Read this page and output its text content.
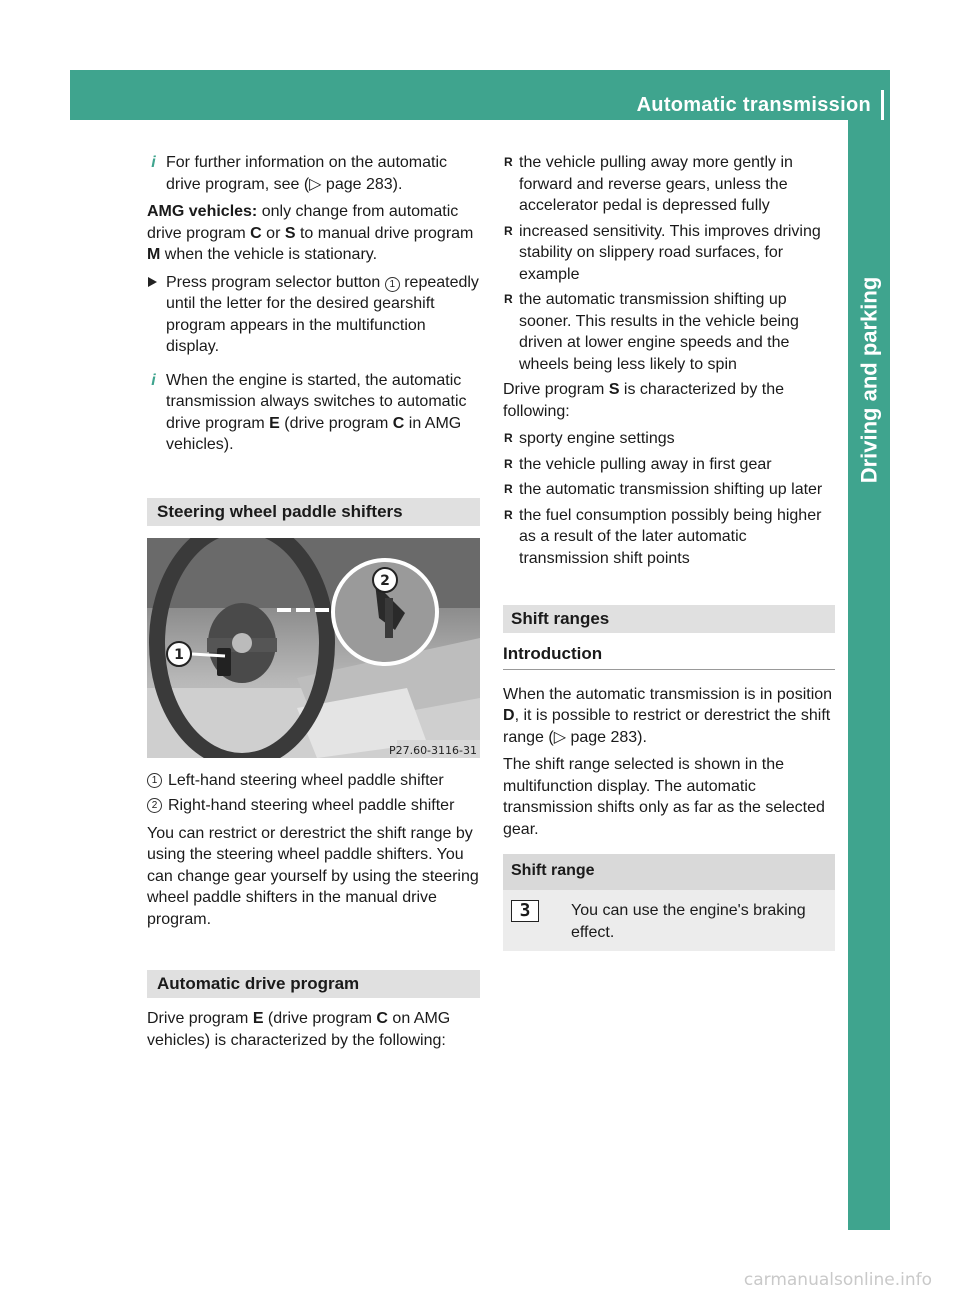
Automatic transmission
Driving and parking

i For further information on the automatic drive program, see (▷ page 283).

AMG vehicles: only change from automatic drive program C or S to manual drive program M when the vehicle is stationary.

Press program selector button 1 repeatedly until the letter for the desired gearshift program appears in the multifunction display.

i When the engine is started, the automatic transmission always switches to automatic drive program E (drive program C in AMG vehicles).

Steering wheel paddle shifters
1
2
P27.60-3116-31
1 Left-hand steering wheel paddle shifter
2 Right-hand steering wheel paddle shifter

You can restrict or derestrict the shift range by using the steering wheel paddle shifters. You can change gear yourself by using the steering wheel paddle shifters in the manual drive program.

Automatic drive program

Drive program E (drive program C on AMG vehicles) is characterized by the following:

R the vehicle pulling away more gently in forward and reverse gears, unless the accelerator pedal is depressed fully
R increased sensitivity. This improves driving stability on slippery road surfaces, for example
R the automatic transmission shifting up sooner. This results in the vehicle being driven at lower engine speeds and the wheels being less likely to spin

Drive program S is characterized by the following:

R sporty engine settings
R the vehicle pulling away in first gear
R the automatic transmission shifting up later
R the fuel consumption possibly being higher as a result of the later automatic transmission shift points
Shift ranges
Introduction

When the automatic transmission is in position D, it is possible to restrict or derestrict the shift range (▷ page 283).

The shift range selected is shown in the multifunction display. The automatic transmission shifts only as far as the selected gear.

Shift range
3	You can use the engine's braking effect.
carmanualsonline.info
